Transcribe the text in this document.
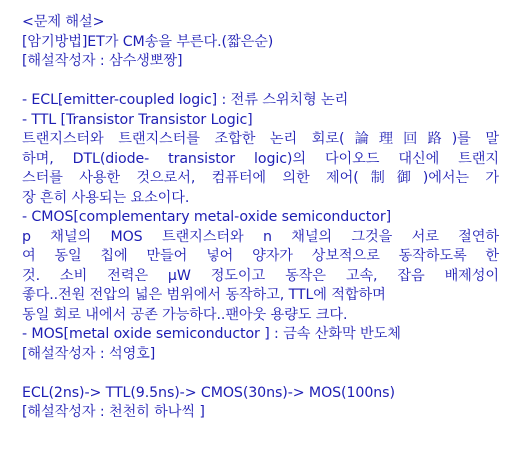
<문제 해설>
[암기방법]ET가 CM송을 부른다.(짧은순)
[해설작성자 : 삼수생뽀짱]
- ECL[emitter-coupled logic] : 전류 스위치형 논리
- TTL [Transistor Transistor Logic]
트랜지스터와 트랜지스터를 조합한 논리 회로(論理回路)를 말
하며, DTL(diode- transistor logic)의 다이오드 대신에 트랜지
스터를 사용한 것으로서, 컴퓨터에 의한 제어(制御)에서는 가
장 흔히 사용되는 요소이다.
- CMOS[complementary metal-oxide semiconductor]
p 채널의 MOS 트랜지스터와 n 채널의 그것을 서로 절연하
여 동일 칩에 만들어 넣어 양자가 상보적으로 동작하도록 한
것. 소비 전력은 μW 정도이고 동작은 고속, 잡음 배제성이
좋다..전원 전압의 넓은 범위에서 동작하고, TTL에 적합하며
동일 회로 내에서 공존 가능하다..팬아웃 용량도 크다.
- MOS[metal oxide semiconductor ] : 금속 산화막 반도체
[해설작성자 : 석영호]
ECL(2ns)-> TTL(9.5ns)-> CMOS(30ns)-> MOS(100ns)
[해설작성자 : 천천히 하나씩 ]
